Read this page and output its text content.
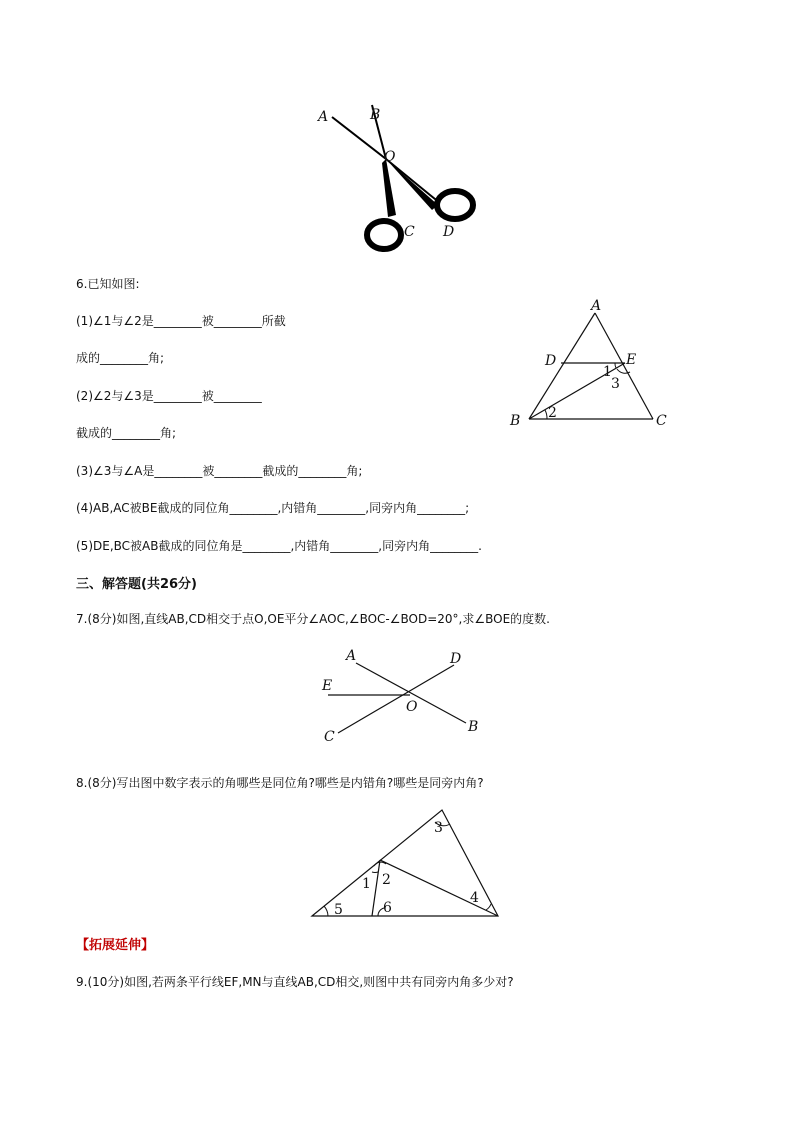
A	B
O
C D
6.已知如图:
(1)∠1与∠2是________被________所截
成的________角;
(2)∠2与∠3是________被________
截成的________角;
(3)∠3与∠A是________被________截成的________角;
(4)AB,AC被BE截成的同位角________,内错角________,同旁内角________;
(5)DE,BC被AB截成的同位角是________,内错角________,同旁内角________.
A
D	E
B	C
1
2
3
三、解答题(共26分)
7.(8分)如图,直线AB,CD相交于点O,OE平分∠AOC,∠BOC-∠BOD=20°,求∠BOE的度数.
A	D
E
O
B
C
8.(8分)写出图中数字表示的角哪些是同位角?哪些是内错角?哪些是同旁内角?
3
1 2
4
5	6
【拓展延伸】
9.(10分)如图,若两条平行线EF,MN与直线AB,CD相交,则图中共有同旁内角多少对?
